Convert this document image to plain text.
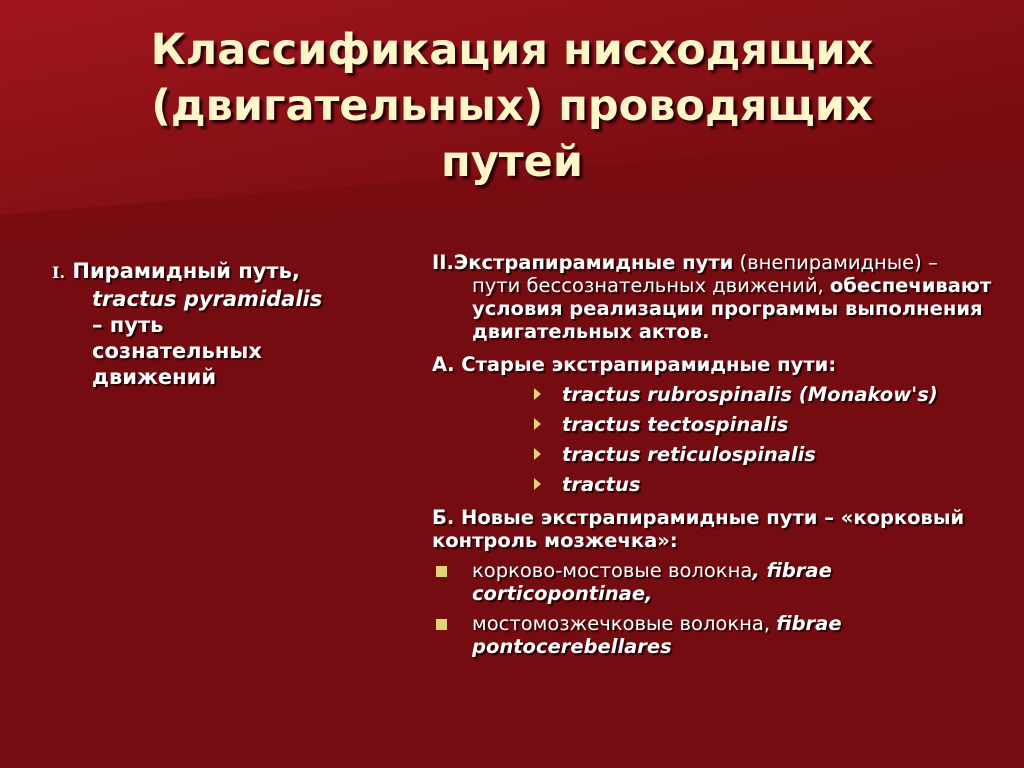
Классификация нисходящих
(двигательных) проводящих
путей
I. Пирамидный путь,
tractus pyramidalis
– путь
сознательных
движений

II.Экстрапирамидные пути (внепирамидные) – пути бессознательных движений, обеспечивают условия реализации программы выполнения двигательных актов.

А. Старые экстрапирамидные пути:

tractus rubrospinalis (Monakow's)
tractus tectospinalis
tractus reticulospinalis
tractus

Б. Новые экстрапирамидные пути – «корковый контроль мозжечка»:

корково-мостовые волокна, fibrae corticopontinae,
мостомозжечковые волокна, fibrae pontocerebellares
